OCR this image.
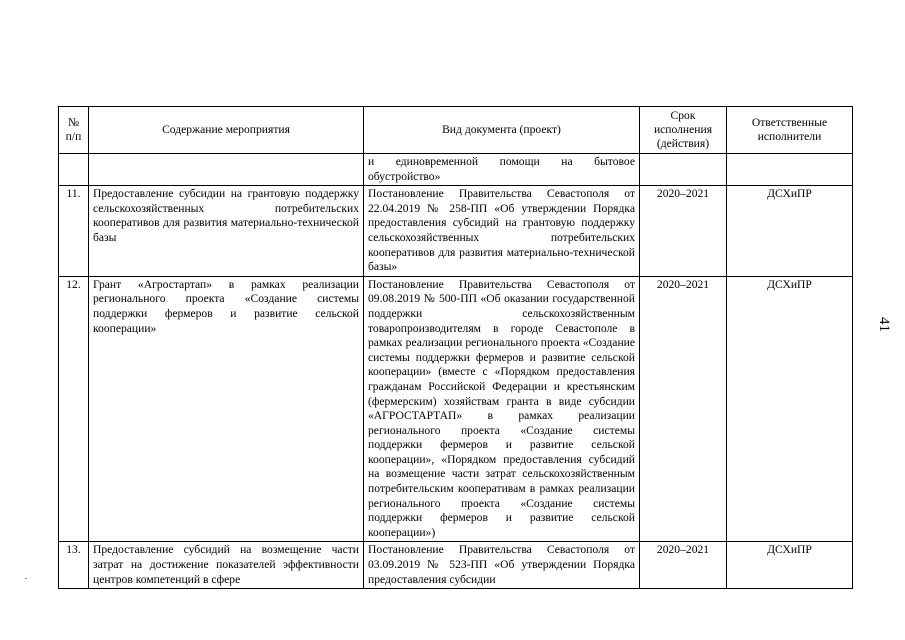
№ п/п	Содержание мероприятия	Вид документа (проект)	Срок исполнения (действия)	Ответственные исполнители
		и единовременной помощи на бытовое обустройство»		
11.	Предоставление субсидии на грантовую поддержку сельскохозяйственных потребительских кооперативов для развития материально-технической базы	Постановление Правительства Севастополя от 22.04.2019 № 258-ПП «Об утверждении Порядка предоставления субсидий на грантовую поддержку сельскохозяйственных потребительских кооперативов для развития материально-технической базы»	2020–2021	ДСХиПР
12.	Грант «Агростартап» в рамках реализации регионального проекта «Создание системы поддержки фермеров и развитие сельской кооперации»	Постановление Правительства Севастополя от 09.08.2019 № 500-ПП «Об оказании государственной поддержки сельскохозяйственным товаропроизводителям в городе Севастополе в рамках реализации регионального проекта «Создание системы поддержки фермеров и развитие сельской кооперации» (вместе с «Порядком предоставления гражданам Российской Федерации и крестьянским (фермерским) хозяйствам гранта в виде субсидии «АГРОСТАРТАП» в рамках реализации регионального проекта «Создание системы поддержки фермеров и развитие сельской кооперации», «Порядком предоставления субсидий на возмещение части затрат сельскохозяйственным потребительским кооперативам в рамках реализации регионального проекта «Создание системы поддержки фермеров и развитие сельской кооперации»)	2020–2021	ДСХиПР
13.	Предоставление субсидий на возмещение части затрат на достижение показателей эффективности центров компетенций в сфере	Постановление Правительства Севастополя от 03.09.2019 № 523-ПП «Об утверждении Порядка предоставления субсидии	2020–2021	ДСХиПР
41
